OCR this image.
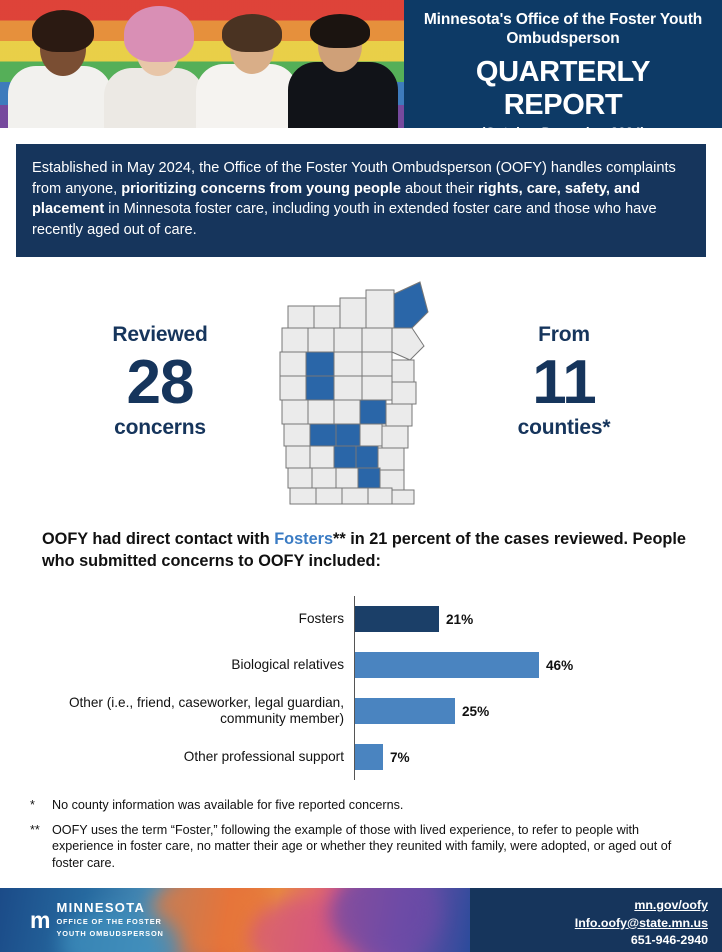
Minnesota's Office of the Foster Youth Ombudsperson
QUARTERLY REPORT
(October-December 2024)
Established in May 2024, the Office of the Foster Youth Ombudsperson (OOFY) handles complaints from anyone, prioritizing concerns from young people about their rights, care, safety, and placement in Minnesota foster care, including youth in extended foster care and those who have recently aged out of care.
Reviewed
28
concerns
From
11
counties*
OOFY had direct contact with Fosters** in 21 percent of the cases reviewed. People who submitted concerns to OOFY included:
Fosters	21%
Biological relatives	46%
Other (i.e., friend, caseworker, legal guardian, community member)	25%
Other professional support	7%
*	No county information was available for five reported concerns.
** OOFY uses the term “Foster,” following the example of those with lived experience, to refer to people with experience in foster care, no matter their age or whether they reunited with family, were adopted, or aged out of foster care.
m MINNESOTA
OFFICE OF THE FOSTER
YOUTH OMBUDSPERSON
mn.gov/oofy
Info.oofy@state.mn.us
651-946-2940
